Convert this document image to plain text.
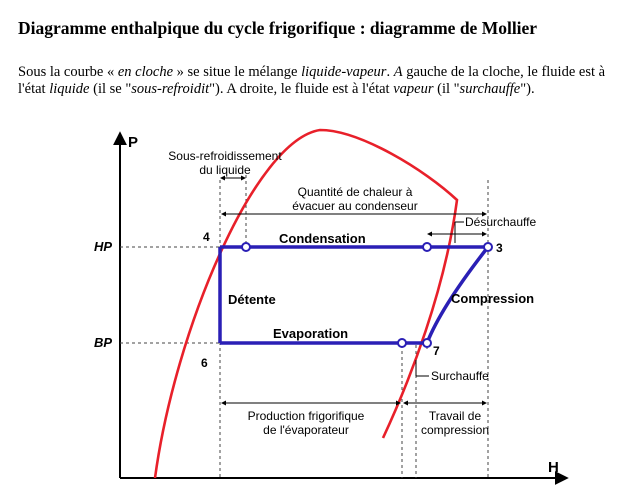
Diagramme enthalpique du cycle frigorifique : diagramme de Mollier
Sous la courbe « en cloche » se situe le mélange liquide-vapeur. A gauche de la cloche, le fluide est à l'état liquide (il se "sous-refroidit"). A droite, le fluide est à l'état vapeur (il "surchauffe").
P
H
HP
BP
4
3
6
7
Condensation
Evaporation
Détente	Compression
Sous-refroidissement
du liquide
Quantité de chaleur à
évacuer au condenseur
Désurchauffe
Surchauffe
Production frigorifique
de l'évaporateur
Travail de
compression
